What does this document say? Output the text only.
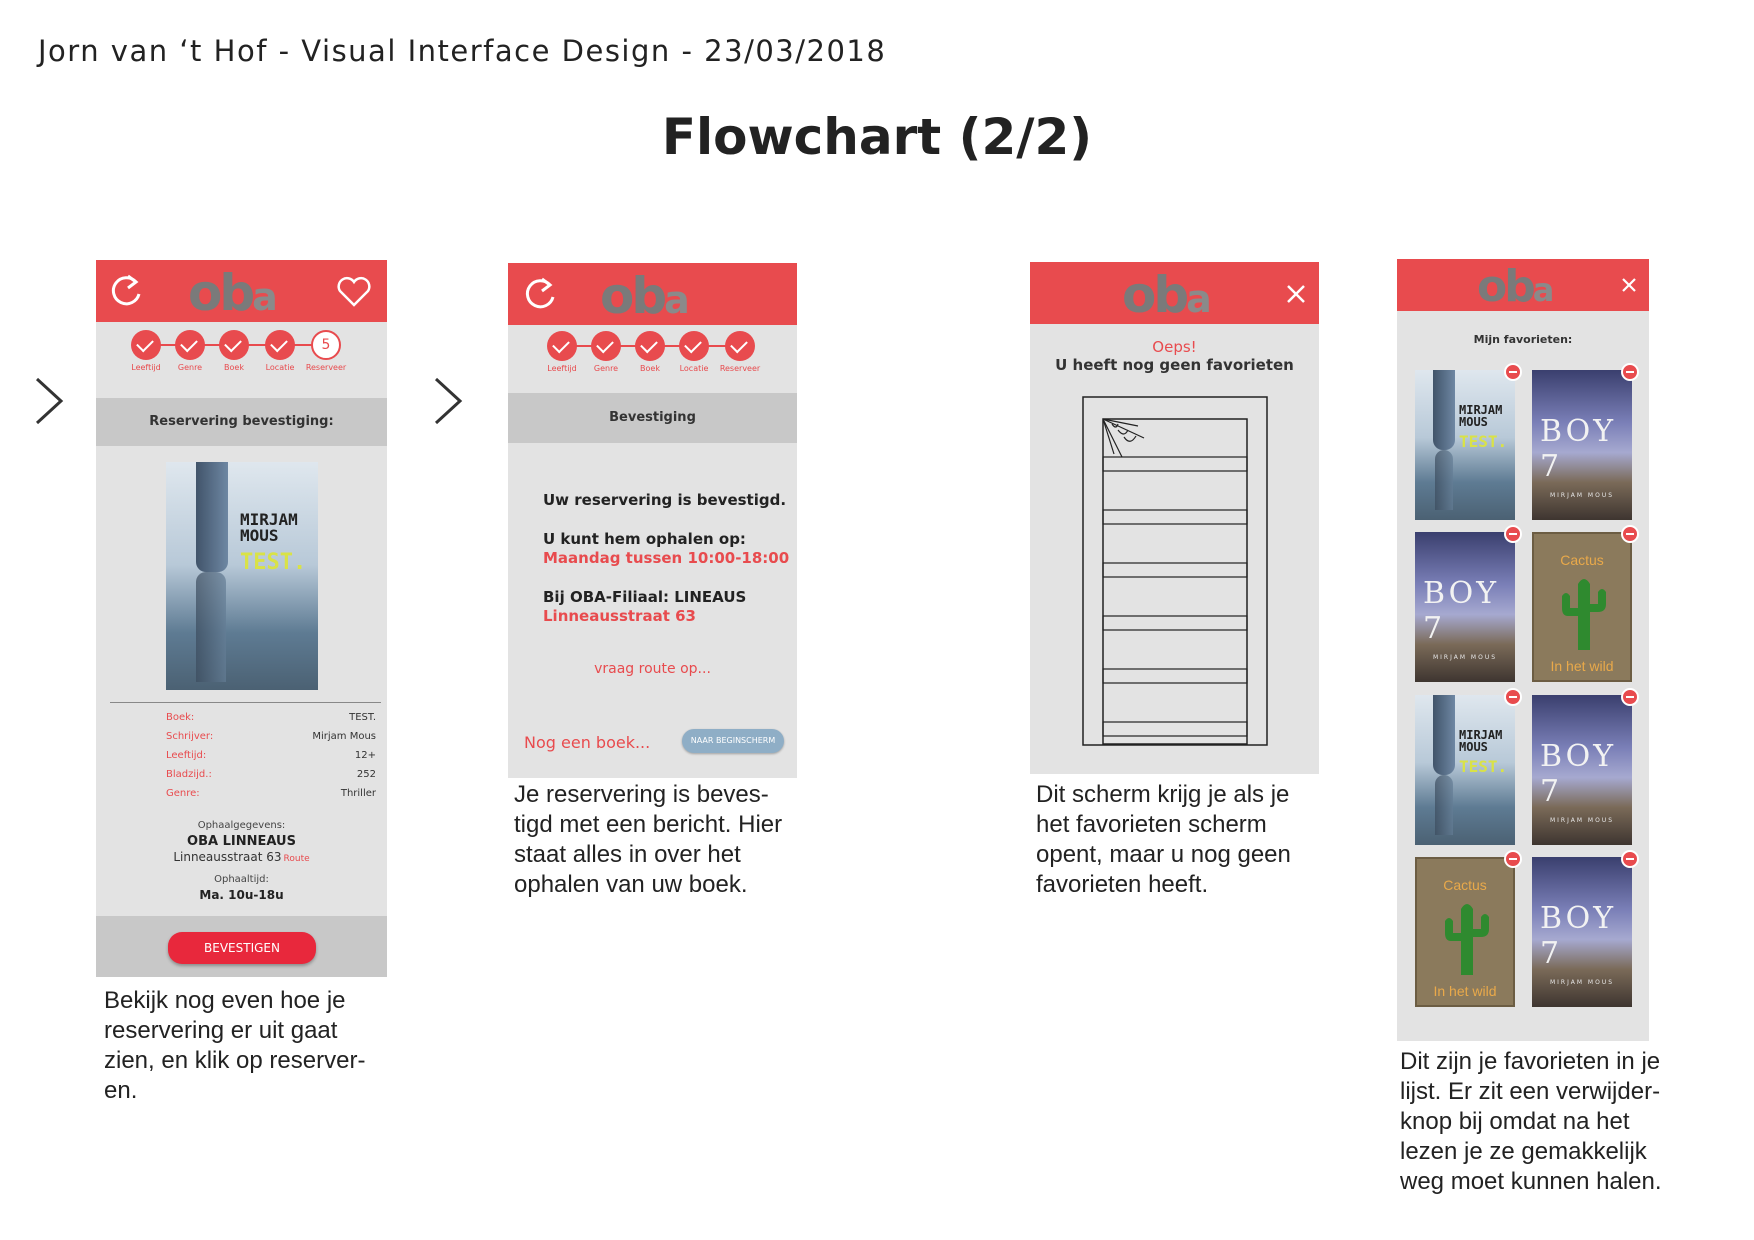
Jorn van ‘t Hof - Visual Interface Design - 23/03/2018
Flowchart (2/2)
oba
Leeftijd	Genre	Boek	Locatie
5
Reserveer
Reservering bevestiging:
MIRJAM
MOUS
TEST.
Boek:	TEST.
Schrijver:	Mirjam Mous
Leeftijd:	12+
Bladzijd.:	252
Genre:	Thriller
Ophaalgegevens:
OBA LINNEAUS
Linneausstraat 63 Route
Ophaaltijd:
Ma. 10u-18u
BEVESTIGEN
Bekijk nog even hoe je reservering er uit gaat zien, en klik op reserver-en.
oba
Leeftijd	Genre	Boek	Locatie	Reserveer
Bevestiging
Uw reservering is bevestigd.
U kunt hem ophalen op:
Maandag tussen 10:00-18:00
Bij OBA-Filiaal: LINEAUS
Linneausstraat 63
vraag route op...
Nog een boek...	NAAR BEGINSCHERM
Je reservering is beves-tigd met een bericht. Hier staat alles in over het ophalen van uw boek.
oba
Oeps!
U heeft nog geen favorieten
Dit scherm krijg je als je het favorieten scherm opent, maar u nog geen favorieten heeft.
oba
Mijn favorieten:
MIRJAM
MOUS
TEST. BOY 7
MIRJAM MOUS
BOY 7
MIRJAM MOUS
Cactus
In het wild
MIRJAM
MOUS
TEST. BOY 7
MIRJAM MOUS
Cactus
In het wild
BOY 7
MIRJAM MOUS
Dit zijn je favorieten in je lijst. Er zit een verwijder-knop bij omdat na het lezen je ze gemakkelijk weg moet kunnen halen.
